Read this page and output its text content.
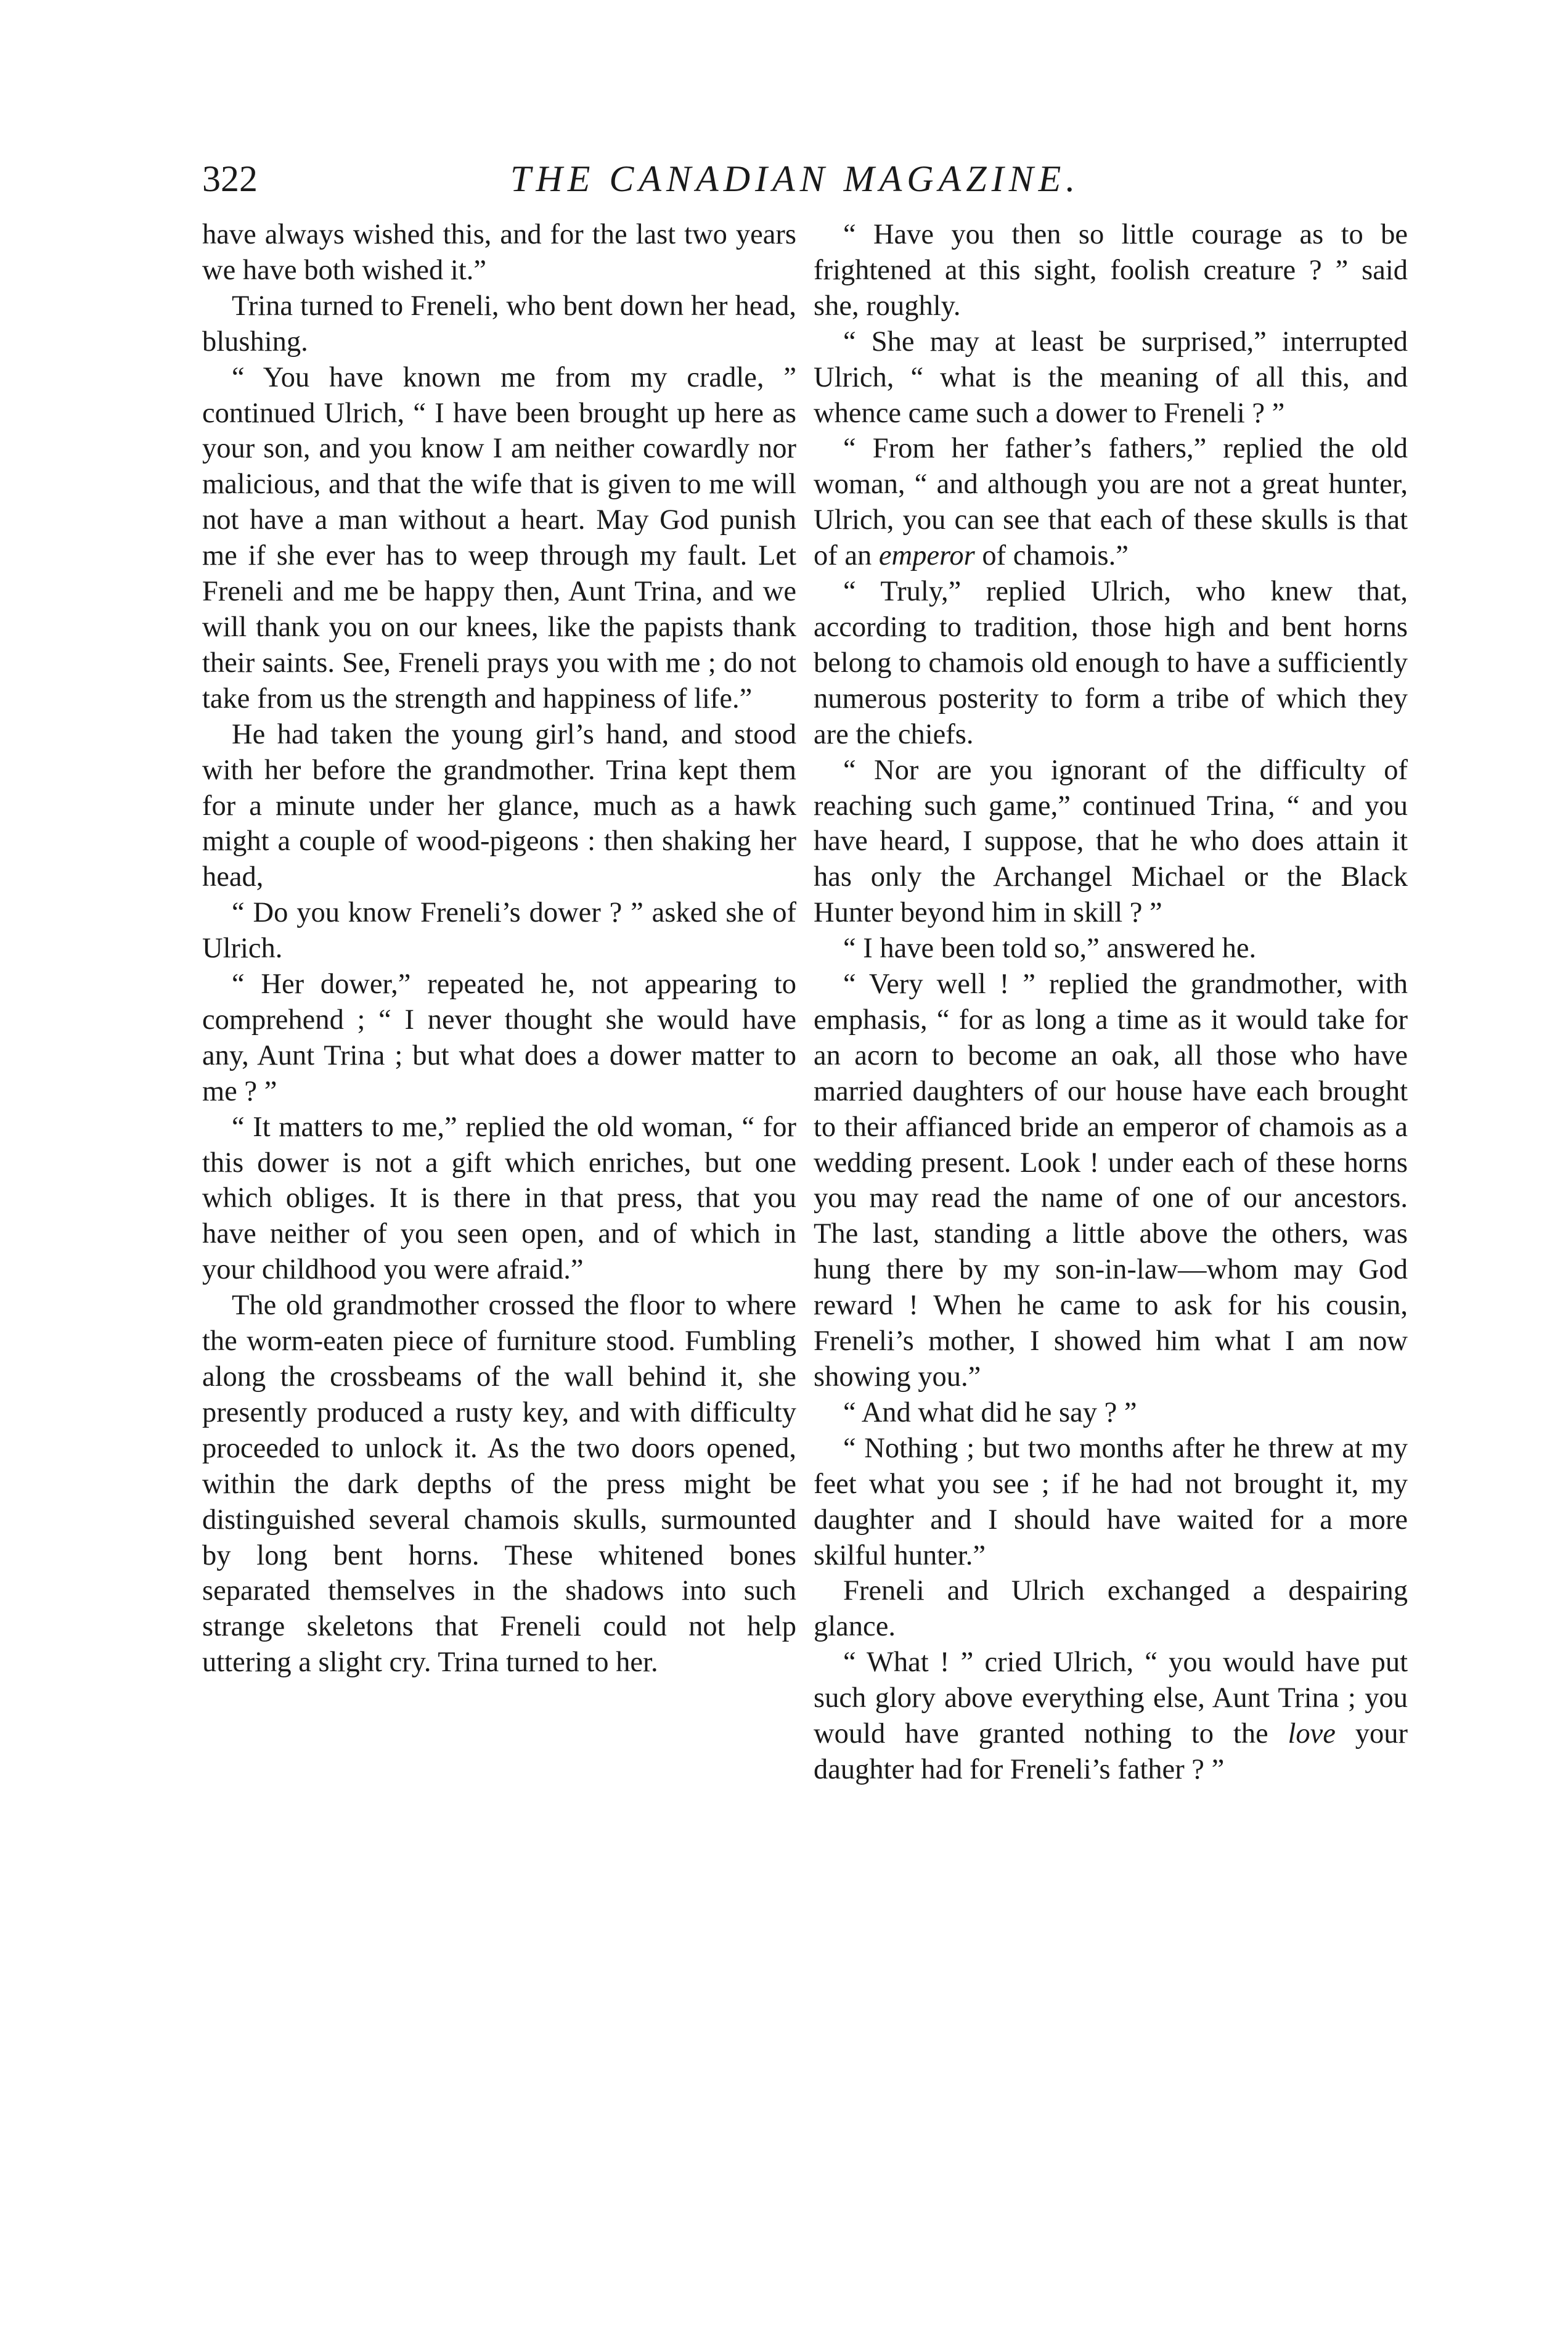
322	THE CANADIAN MAGAZINE.

have always wished this, and for the last two years we have both wished it.”

Trina turned to Freneli, who bent down her head, blushing.

“ You have known me from my cradle, ” continued Ulrich, “ I have been brought up here as your son, and you know I am neither cowardly nor malicious, and that the wife that is given to me will not have a man without a heart. May God punish me if she ever has to weep through my fault. Let Freneli and me be happy then, Aunt Trina, and we will thank you on our knees, like the papists thank their saints. See, Freneli prays you with me ; do not take from us the strength and happiness of life.”

He had taken the young girl’s hand, and stood with her before the grandmother. Trina kept them for a minute under her glance, much as a hawk might a couple of wood-pigeons : then shaking her head,

“ Do you know Freneli’s dower ? ” asked she of Ulrich.

“ Her dower,” repeated he, not appearing to comprehend ; “ I never thought she would have any, Aunt Trina ; but what does a dower matter to me ? ”

“ It matters to me,” replied the old woman, “ for this dower is not a gift which enriches, but one which obliges. It is there in that press, that you have neither of you seen open, and of which in your childhood you were afraid.”

The old grandmother crossed the floor to where the worm-eaten piece of furniture stood. Fumbling along the crossbeams of the wall behind it, she presently produced a rusty key, and with difficulty proceeded to unlock it. As the two doors opened, within the dark depths of the press might be distinguished several chamois skulls, surmounted by long bent horns. These whitened bones separated themselves in the shadows into such strange skeletons that Freneli could not help uttering a slight cry. Trina turned to her.

“ Have you then so little courage as to be frightened at this sight, foolish creature ? ” said she, roughly.

“ She may at least be surprised,” interrupted Ulrich, “ what is the meaning of all this, and whence came such a dower to Freneli ? ”

“ From her father’s fathers,” replied the old woman, “ and although you are not a great hunter, Ulrich, you can see that each of these skulls is that of an emperor of chamois.”

“ Truly,” replied Ulrich, who knew that, according to tradition, those high and bent horns belong to chamois old enough to have a sufficiently numerous posterity to form a tribe of which they are the chiefs.

“ Nor are you ignorant of the difficulty of reaching such game,” continued Trina, “ and you have heard, I suppose, that he who does attain it has only the Archangel Michael or the Black Hunter beyond him in skill ? ”

“ I have been told so,” answered he.

“ Very well ! ” replied the grandmother, with emphasis, “ for as long a time as it would take for an acorn to become an oak, all those who have married daughters of our house have each brought to their affianced bride an emperor of chamois as a wedding present. Look ! under each of these horns you may read the name of one of our ancestors. The last, standing a little above the others, was hung there by my son-in-law—whom may God reward ! When he came to ask for his cousin, Freneli’s mother, I showed him what I am now showing you.”

“ And what did he say ? ”

“ Nothing ; but two months after he threw at my feet what you see ; if he had not brought it, my daughter and I should have waited for a more skilful hunter.”

Freneli and Ulrich exchanged a despairing glance.

“ What ! ” cried Ulrich, “ you would have put such glory above everything else, Aunt Trina ; you would have granted nothing to the love your daughter had for Freneli’s father ? ”
